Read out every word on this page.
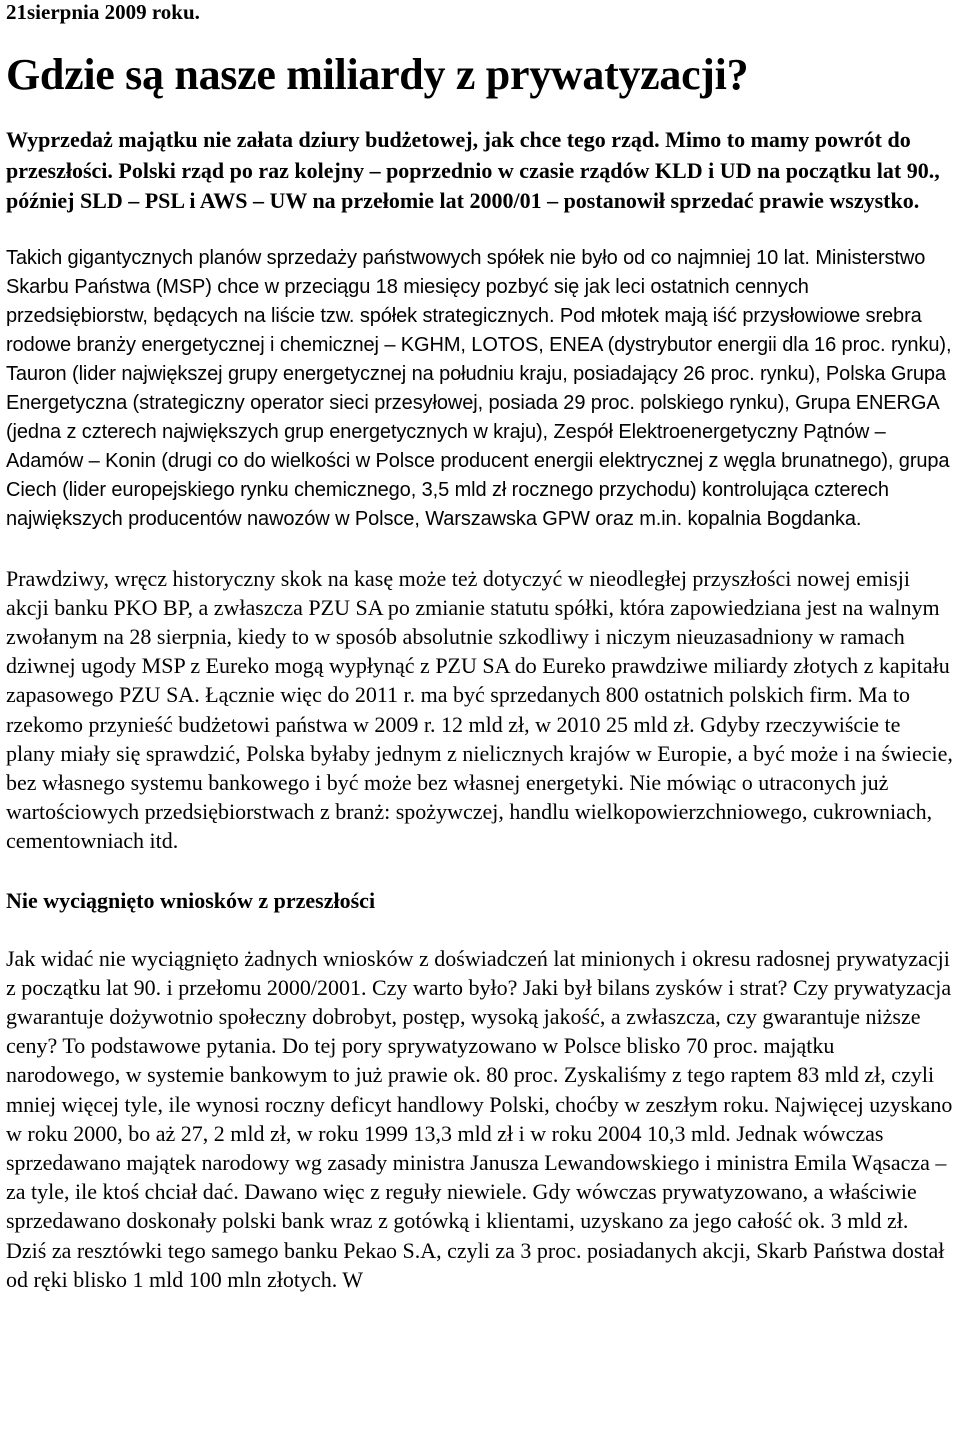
21sierpnia 2009 roku.

Gdzie są nasze miliardy z prywatyzacji?

Wyprzedaż majątku nie załata dziury budżetowej, jak chce tego rząd. Mimo to mamy powrót do przeszłości. Polski rząd po raz kolejny – poprzednio w czasie rządów KLD i UD na początku lat 90., później SLD – PSL i AWS – UW na przełomie lat 2000/01 – postanowił sprzedać prawie wszystko.

Takich gigantycznych planów sprzedaży państwowych spółek nie było od co najmniej 10 lat. Ministerstwo Skarbu Państwa (MSP) chce w przeciągu 18 miesięcy pozbyć się jak leci ostatnich cennych przedsiębiorstw, będących na liście tzw. spółek strategicznych. Pod młotek mają iść przysłowiowe srebra rodowe branży energetycznej i chemicznej – KGHM, LOTOS, ENEA (dystrybutor energii dla 16 proc. rynku), Tauron (lider największej grupy energetycznej na południu kraju, posiadający 26 proc. rynku), Polska Grupa Energetyczna (strategiczny operator sieci przesyłowej, posiada 29 proc. polskiego rynku), Grupa ENERGA (jedna z czterech największych grup energetycznych w kraju), Zespół Elektroenergetyczny Pątnów – Adamów – Konin (drugi co do wielkości w Polsce producent energii elektrycznej z węgla brunatnego), grupa Ciech (lider europejskiego rynku chemicznego, 3,5 mld zł rocznego przychodu) kontrolująca czterech największych producentów nawozów w Polsce, Warszawska GPW oraz m.in. kopalnia Bogdanka.

Prawdziwy, wręcz historyczny skok na kasę może też dotyczyć w nieodległej przyszłości nowej emisji akcji banku PKO BP, a zwłaszcza PZU SA po zmianie statutu spółki, która zapowiedziana jest na walnym zwołanym na 28 sierpnia, kiedy to w sposób absolutnie szkodliwy i niczym nieuzasadniony w ramach dziwnej ugody MSP z Eureko mogą wypłynąć z PZU SA do Eureko prawdziwe miliardy złotych z kapitału zapasowego PZU SA. Łącznie więc do 2011 r. ma być sprzedanych 800 ostatnich polskich firm. Ma to rzekomo przynieść budżetowi państwa w 2009 r. 12 mld zł, w 2010 25 mld zł. Gdyby rzeczywiście te plany miały się sprawdzić, Polska byłaby jednym z nielicznych krajów w Europie, a być może i na świecie, bez własnego systemu bankowego i być może bez własnej energetyki. Nie mówiąc o utraconych już wartościowych przedsiębiorstwach z branż: spożywczej, handlu wielkopowierzchniowego, cukrowniach, cementowniach itd.

Nie wyciągnięto wniosków z przeszłości

Jak widać nie wyciągnięto żadnych wniosków z doświadczeń lat minionych i okresu radosnej prywatyzacji z początku lat 90. i przełomu 2000/2001. Czy warto było? Jaki był bilans zysków i strat? Czy prywatyzacja gwarantuje dożywotnio społeczny dobrobyt, postęp, wysoką jakość, a zwłaszcza, czy gwarantuje niższe ceny? To podstawowe pytania. Do tej pory sprywatyzowano w Polsce blisko 70 proc. majątku narodowego, w systemie bankowym to już prawie ok. 80 proc. Zyskaliśmy z tego raptem 83 mld zł, czyli mniej więcej tyle, ile wynosi roczny deficyt handlowy Polski, choćby w zeszłym roku. Najwięcej uzyskano w roku 2000, bo aż 27, 2 mld zł, w roku 1999 13,3 mld zł i w roku 2004 10,3 mld. Jednak wówczas sprzedawano majątek narodowy wg zasady ministra Janusza Lewandowskiego i ministra Emila Wąsacza – za tyle, ile ktoś chciał dać. Dawano więc z reguły niewiele. Gdy wówczas prywatyzowano, a właściwie sprzedawano doskonały polski bank wraz z gotówką i klientami, uzyskano za jego całość ok. 3 mld zł. Dziś za resztówki tego samego banku Pekao S.A, czyli za 3 proc. posiadanych akcji, Skarb Państwa dostał od ręki blisko 1 mld 100 mln złotych. W
